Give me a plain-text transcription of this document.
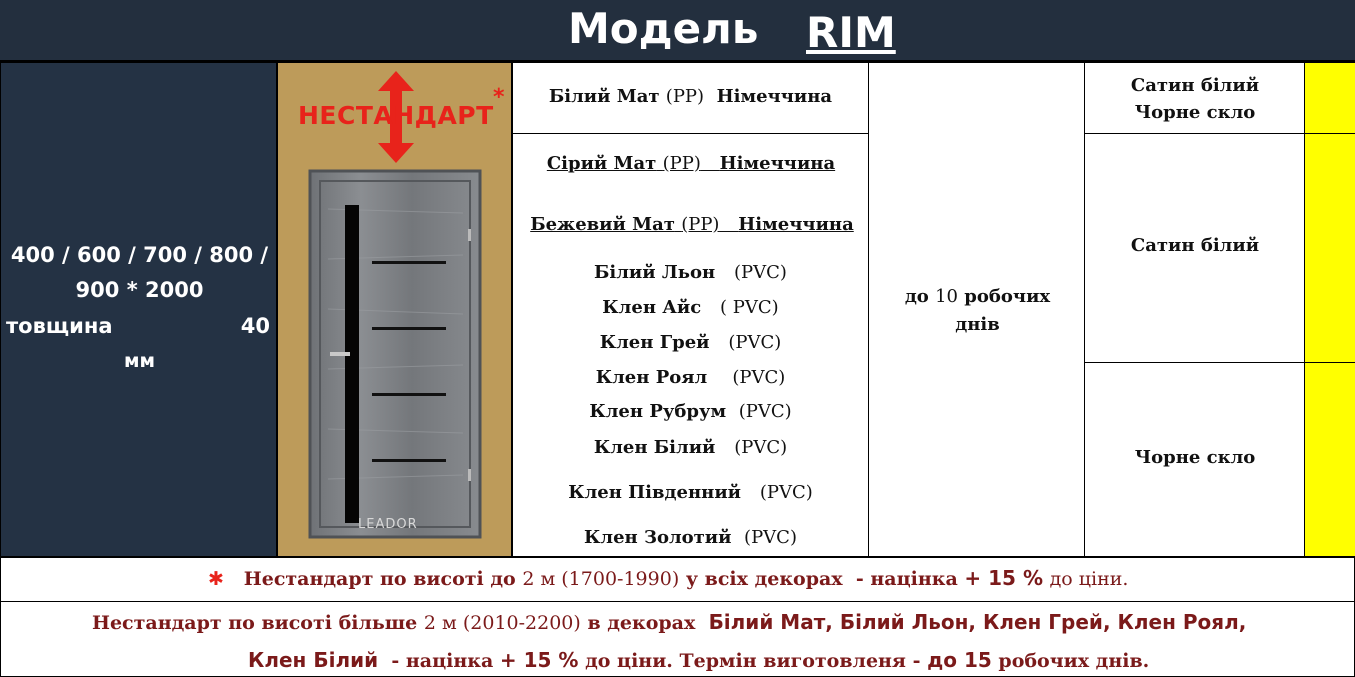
Модель RIM
400 / 600 / 700 / 800 /
900 * 2000
товщина	40
мм
НЕСТАНДАРТ
*
LEADOR
Білий Мат (PP) Німеччина
Сірий Мат (PP) Німеччина
Бежевий Мат (PP) Німеччина
Білий Льон (PVC)
Клен Айс ( PVC)
Клен Грей (PVC)
Клен Роял (PVC)
Клен Рубрум (PVC)
Клен Білий (PVC)
Клен Південний (PVC)
Клен Золотий (PVC)
до 10 робочих
днів
Сатин білий
Чорне скло
Сатин білий
Чорне скло
✱ Нестандарт по висоті до 2 м (1700-1990) у всіх декорах - націнка + 15 % до ціни.
Нестандарт по висоті більше 2 м (2010-2200) в декорах Білий Мат, Білий Льон, Клен Грей, Клен Роял,
Клен Білий - націнка + 15 % до ціни. Термін виготовленя - до 15 робочих днів.
